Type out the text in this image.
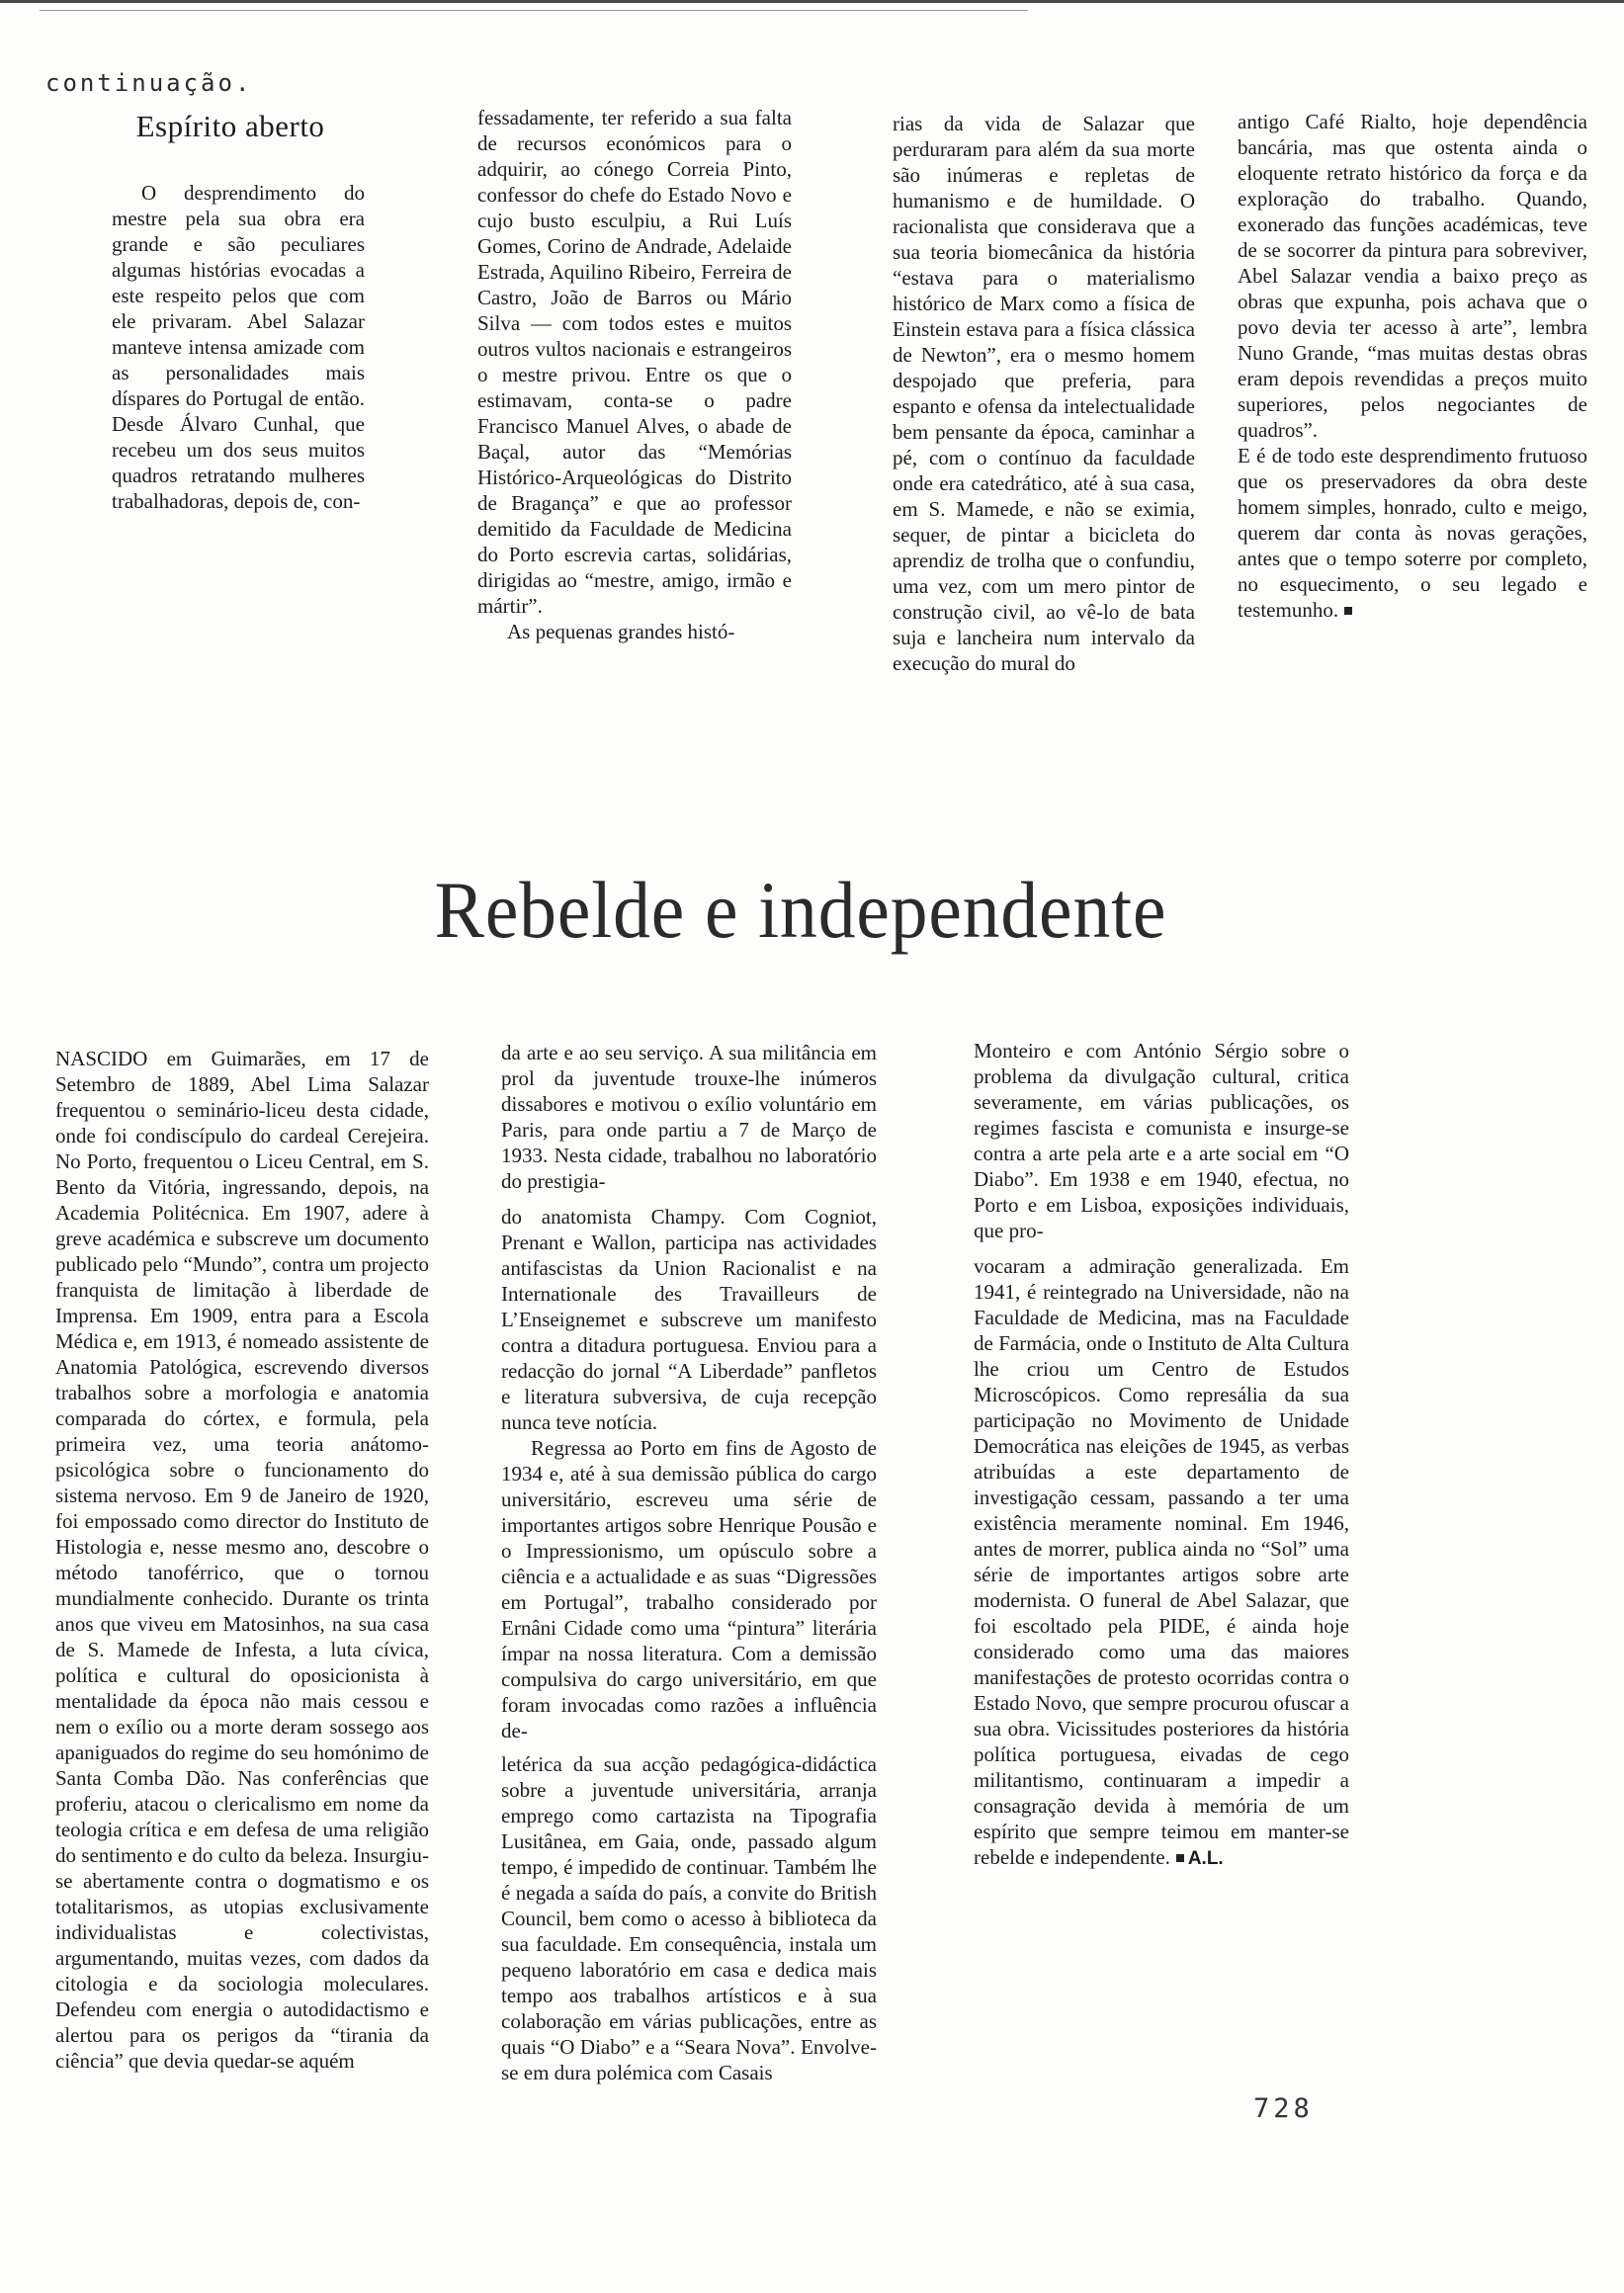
continuação.
Espírito aberto

O desprendimento do mestre pela sua obra era grande e são peculiares algumas histórias evocadas a este respeito pelos que com ele privaram. Abel Salazar manteve intensa amizade com as personalidades mais díspares do Portugal de então. Desde Álvaro Cunhal, que recebeu um dos seus muitos quadros retratando mulheres trabalhadoras, depois de, con-

fessadamente, ter referido a sua falta de recursos económicos para o adquirir, ao cónego Correia Pinto, confessor do chefe do Estado Novo e cujo busto esculpiu, a Rui Luís Gomes, Corino de Andrade, Adelaide Estrada, Aquilino Ribeiro, Ferreira de Castro, João de Barros ou Mário Silva — com todos estes e muitos outros vultos nacionais e estrangeiros o mestre privou. Entre os que o estimavam, conta-se o padre Francisco Manuel Alves, o abade de Baçal, autor das “Memórias Histórico-Arqueológicas do Distrito de Bragança” e que ao professor demitido da Faculdade de Medicina do Porto escrevia cartas, solidárias, dirigidas ao “mestre, amigo, irmão e mártir”.

As pequenas grandes histó-

rias da vida de Salazar que perduraram para além da sua morte são inúmeras e repletas de humanismo e de humildade. O racionalista que considerava que a sua teoria biomecânica da história “estava para o materialismo histórico de Marx como a física de Einstein estava para a física clássica de Newton”, era o mesmo homem despojado que preferia, para espanto e ofensa da intelectualidade bem pensante da época, caminhar a pé, com o contínuo da faculdade onde era catedrático, até à sua casa, em S. Mamede, e não se eximia, sequer, de pintar a bicicleta do aprendiz de trolha que o confundiu, uma vez, com um mero pintor de construção civil, ao vê-lo de bata suja e lancheira num intervalo da execução do mural do

antigo Café Rialto, hoje dependência bancária, mas que ostenta ainda o eloquente retrato histórico da força e da exploração do trabalho. Quando, exonerado das funções académicas, teve de se socorrer da pintura para sobreviver, Abel Salazar vendia a baixo preço as obras que expunha, pois achava que o povo devia ter acesso à arte”, lembra Nuno Grande, “mas muitas destas obras eram depois revendidas a preços muito superiores, pelos negociantes de quadros”.

E é de todo este desprendimento frutuoso que os preservadores da obra deste homem simples, honrado, culto e meigo, querem dar conta às novas gerações, antes que o tempo soterre por completo, no esquecimento, o seu legado e testemunho.

Rebelde e independente

NASCIDO em Guimarães, em 17 de Setembro de 1889, Abel Lima Salazar frequentou o seminário-liceu desta cidade, onde foi condiscípulo do cardeal Cerejeira. No Porto, frequentou o Liceu Central, em S. Bento da Vitória, ingressando, depois, na Academia Politécnica. Em 1907, adere à greve académica e subscreve um documento publicado pelo “Mundo”, contra um projecto franquista de limitação à liberdade de Imprensa. Em 1909, entra para a Escola Médica e, em 1913, é nomeado assistente de Anatomia Patológica, escrevendo diversos trabalhos sobre a morfologia e anatomia comparada do córtex, e formula, pela primeira vez, uma teoria anátomo-psicológica sobre o funcionamento do sistema nervoso. Em 9 de Janeiro de 1920, foi empossado como director do Instituto de Histologia e, nesse mesmo ano, descobre o método tanoférrico, que o tornou mundialmente conhecido. Durante os trinta anos que viveu em Matosinhos, na sua casa de S. Mamede de Infesta, a luta cívica, política e cultural do oposicionista à mentalidade da época não mais cessou e nem o exílio ou a morte deram sossego aos apaniguados do regime do seu homónimo de Santa Comba Dão. Nas conferências que proferiu, atacou o clericalismo em nome da teologia crítica e em defesa de uma religião do sentimento e do culto da beleza. Insurgiu-se abertamente contra o dogmatismo e os totalitarismos, as utopias exclusivamente individualistas e colectivistas, argumentando, muitas vezes, com dados da citologia e da sociologia moleculares. Defendeu com energia o autodidactismo e alertou para os perigos da “tirania da ciência” que devia quedar-se aquém

da arte e ao seu serviço. A sua militância em prol da juventude trouxe-lhe inúmeros dissabores e motivou o exílio voluntário em Paris, para onde partiu a 7 de Março de 1933. Nesta cidade, trabalhou no laboratório do prestigia-

do anatomista Champy. Com Cogniot, Prenant e Wallon, participa nas actividades antifascistas da Union Racionalist e na Internationale des Travailleurs de L’Enseignemet e subscreve um manifesto contra a ditadura portuguesa. Enviou para a redacção do jornal “A Liberdade” panfletos e literatura subversiva, de cuja recepção nunca teve notícia.

Regressa ao Porto em fins de Agosto de 1934 e, até à sua demissão pública do cargo universitário, escreveu uma série de importantes artigos sobre Henrique Pousão e o Impressionismo, um opúsculo sobre a ciência e a actualidade e as suas “Digressões em Portugal”, trabalho considerado por Ernâni Cidade como uma “pintura” literária ímpar na nossa literatura. Com a demissão compulsiva do cargo universitário, em que foram invocadas como razões a influência de-

letérica da sua acção pedagógica-didáctica sobre a juventude universitária, arranja emprego como cartazista na Tipografia Lusitânea, em Gaia, onde, passado algum tempo, é impedido de continuar. Também lhe é negada a saída do país, a convite do British Council, bem como o acesso à biblioteca da sua faculdade. Em consequência, instala um pequeno laboratório em casa e dedica mais tempo aos trabalhos artísticos e à sua colaboração em várias publicações, entre as quais “O Diabo” e a “Seara Nova”. Envolve-se em dura polémica com Casais

Monteiro e com António Sérgio sobre o problema da divulgação cultural, critica severamente, em várias publicações, os regimes fascista e comunista e insurge-se contra a arte pela arte e a arte social em “O Diabo”. Em 1938 e em 1940, efectua, no Porto e em Lisboa, exposições individuais, que pro-

vocaram a admiração generalizada. Em 1941, é reintegrado na Universidade, não na Faculdade de Medicina, mas na Faculdade de Farmácia, onde o Instituto de Alta Cultura lhe criou um Centro de Estudos Microscópicos. Como represália da sua participação no Movimento de Unidade Democrática nas eleições de 1945, as verbas atribuídas a este departamento de investigação cessam, passando a ter uma existência meramente nominal. Em 1946, antes de morrer, publica ainda no “Sol” uma série de importantes artigos sobre arte modernista. O funeral de Abel Salazar, que foi escoltado pela PIDE, é ainda hoje considerado como uma das maiores manifestações de protesto ocorridas contra o Estado Novo, que sempre procurou ofuscar a sua obra. Vicissitudes posteriores da história política portuguesa, eivadas de cego militantismo, continuaram a impedir a consagração devida à memória de um espírito que sempre teimou em manter-se rebelde e independente. A.L.

728
